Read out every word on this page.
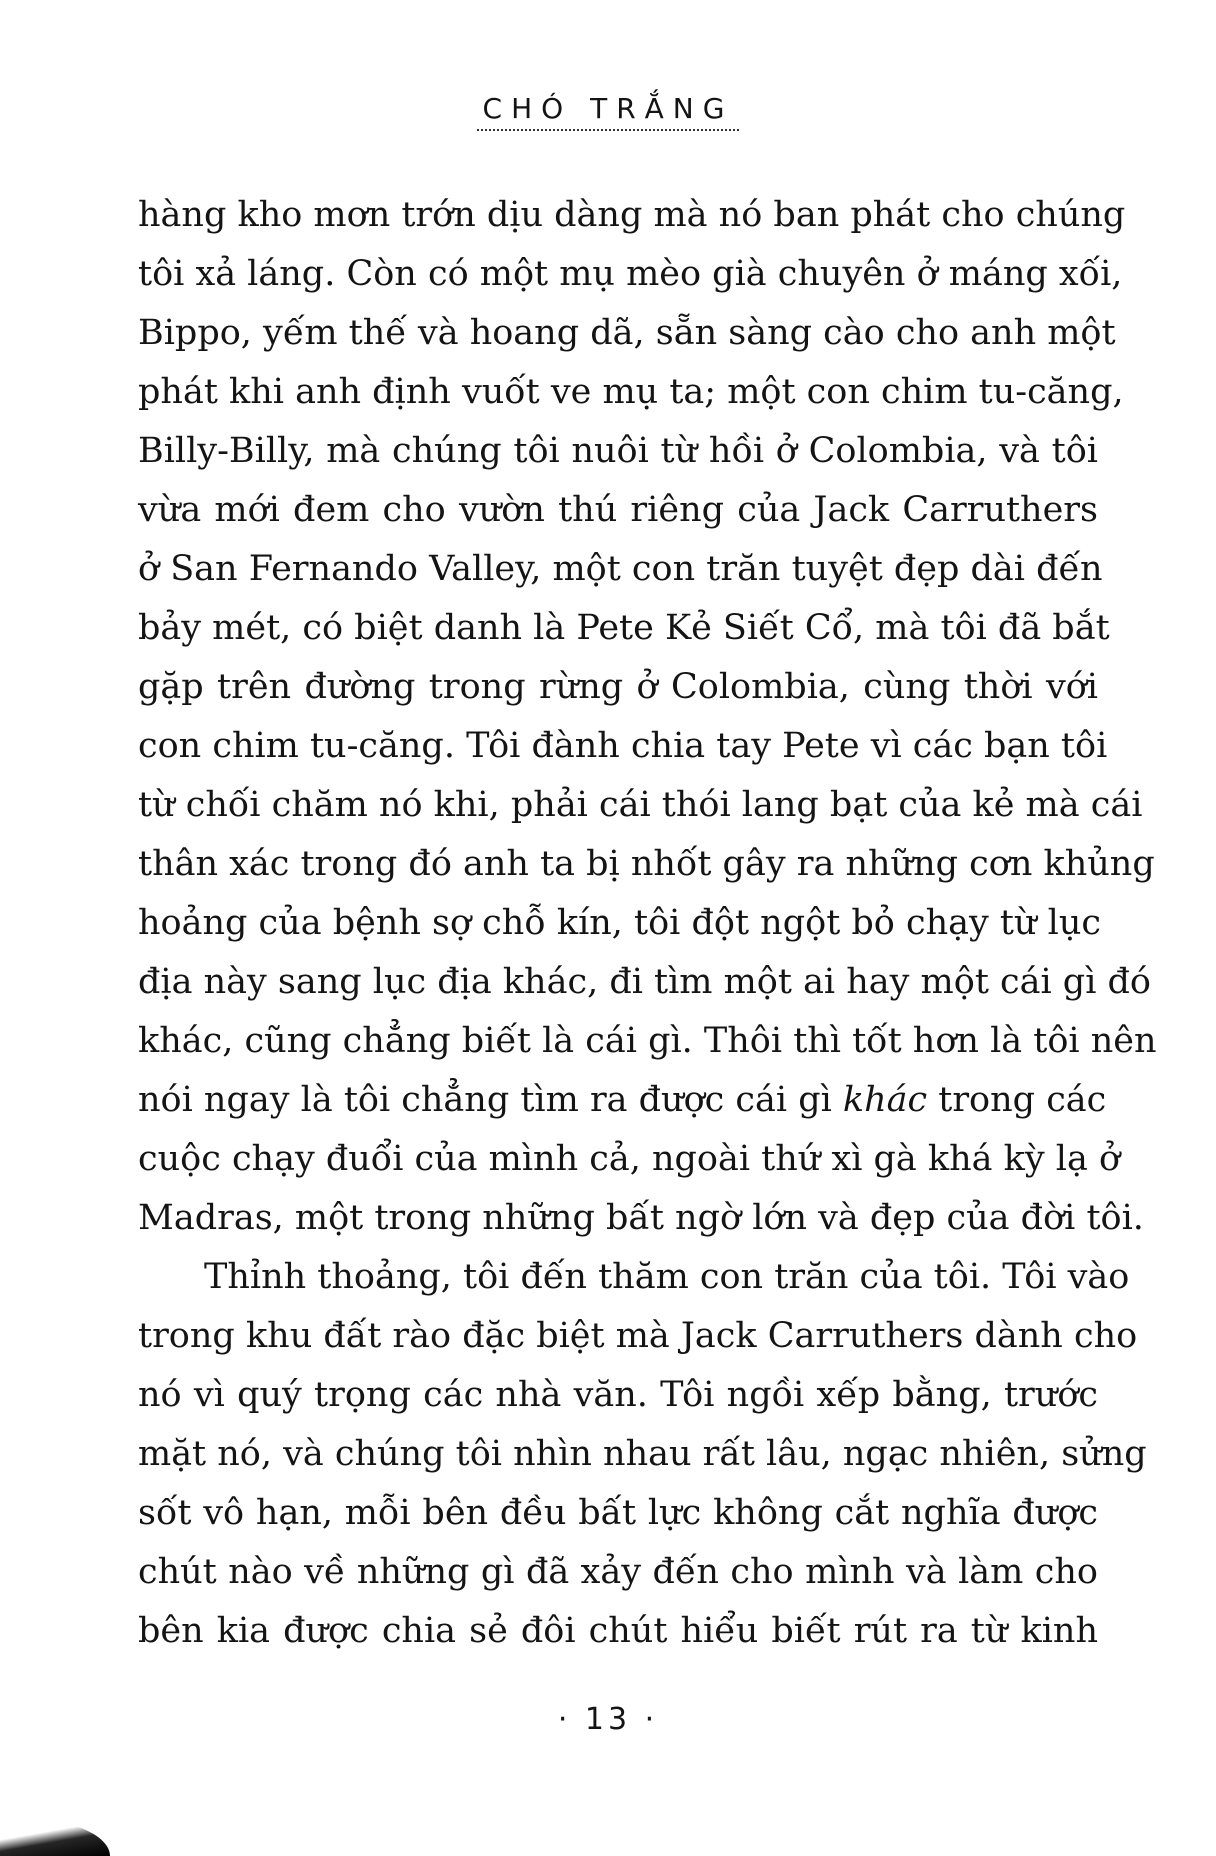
CHÓ TRẮNG
hàng kho mơn trớn dịu dàng mà nó ban phát cho chúng
tôi xả láng. Còn có một mụ mèo già chuyên ở máng xối,
Bippo, yếm thế và hoang dã, sẵn sàng cào cho anh một
phát khi anh định vuốt ve mụ ta; một con chim tu-căng,
Billy-Billy, mà chúng tôi nuôi từ hồi ở Colombia, và tôi
vừa mới đem cho vườn thú riêng của Jack Carruthers
ở San Fernando Valley, một con trăn tuyệt đẹp dài đến
bảy mét, có biệt danh là Pete Kẻ Siết Cổ, mà tôi đã bắt
gặp trên đường trong rừng ở Colombia, cùng thời với
con chim tu-căng. Tôi đành chia tay Pete vì các bạn tôi
từ chối chăm nó khi, phải cái thói lang bạt của kẻ mà cái
thân xác trong đó anh ta bị nhốt gây ra những cơn khủng
hoảng của bệnh sợ chỗ kín, tôi đột ngột bỏ chạy từ lục
địa này sang lục địa khác, đi tìm một ai hay một cái gì đó
khác, cũng chẳng biết là cái gì. Thôi thì tốt hơn là tôi nên
nói ngay là tôi chẳng tìm ra được cái gì khác trong các
cuộc chạy đuổi của mình cả, ngoài thứ xì gà khá kỳ lạ ở
Madras, một trong những bất ngờ lớn và đẹp của đời tôi.
Thỉnh thoảng, tôi đến thăm con trăn của tôi. Tôi vào
trong khu đất rào đặc biệt mà Jack Carruthers dành cho
nó vì quý trọng các nhà văn. Tôi ngồi xếp bằng, trước
mặt nó, và chúng tôi nhìn nhau rất lâu, ngạc nhiên, sửng
sốt vô hạn, mỗi bên đều bất lực không cắt nghĩa được
chút nào về những gì đã xảy đến cho mình và làm cho
bên kia được chia sẻ đôi chút hiểu biết rút ra từ kinh
· 13 ·
